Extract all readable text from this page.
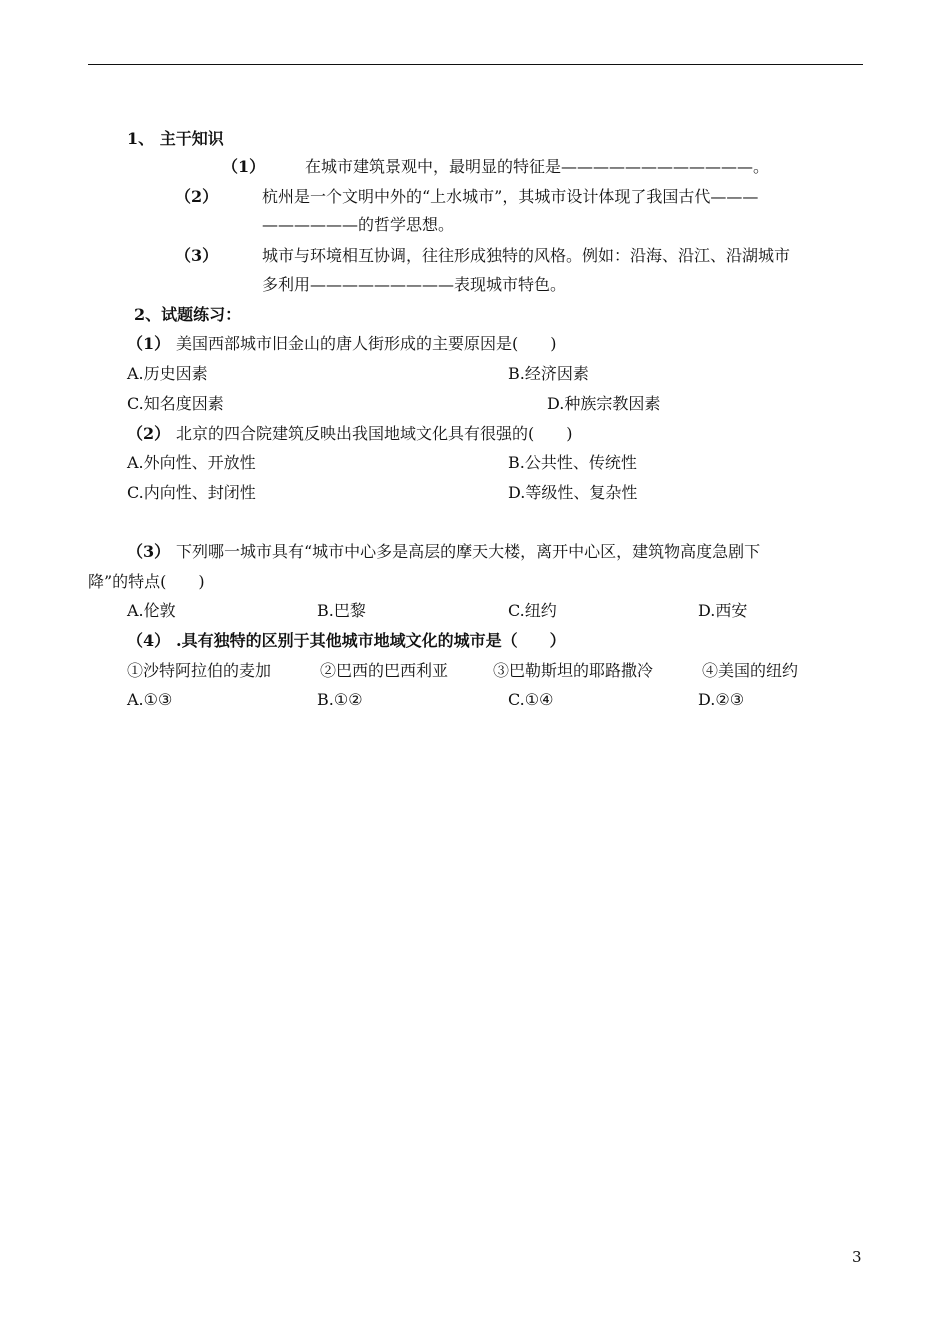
1、 主干知识
（1） 在城市建筑景观中，最明显的特征是————————————。
（2）	杭州是一个文明中外的“上水城市”，其城市设计体现了我国古代———
——————的哲学思想。
（3）	城市与环境相互协调，往往形成独特的风格。例如：沿海、沿江、沿湖城市
多利用—————————表现城市特色。
2、试题练习：
（1） 美国西部城市旧金山的唐人街形成的主要原因是(　　)
A.历史因素	B.经济因素
C.知名度因素	D.种族宗教因素
（2） 北京的四合院建筑反映出我国地域文化具有很强的(　　)
A.外向性、开放性	B.公共性、传统性
C.内向性、封闭性	D.等级性、复杂性
（3） 下列哪一城市具有“城市中心多是高层的摩天大楼，离开中心区，建筑物高度急剧下
降”的特点(　　)
A.伦敦	B.巴黎	C.纽约	D.西安
（4） .具有独特的区别于其他城市地域文化的城市是（　　）
①沙特阿拉伯的麦加	②巴西的巴西利亚	③巴勒斯坦的耶路撒冷	④美国的纽约
A.①③	B.①②	C.①④	D.②③
3
